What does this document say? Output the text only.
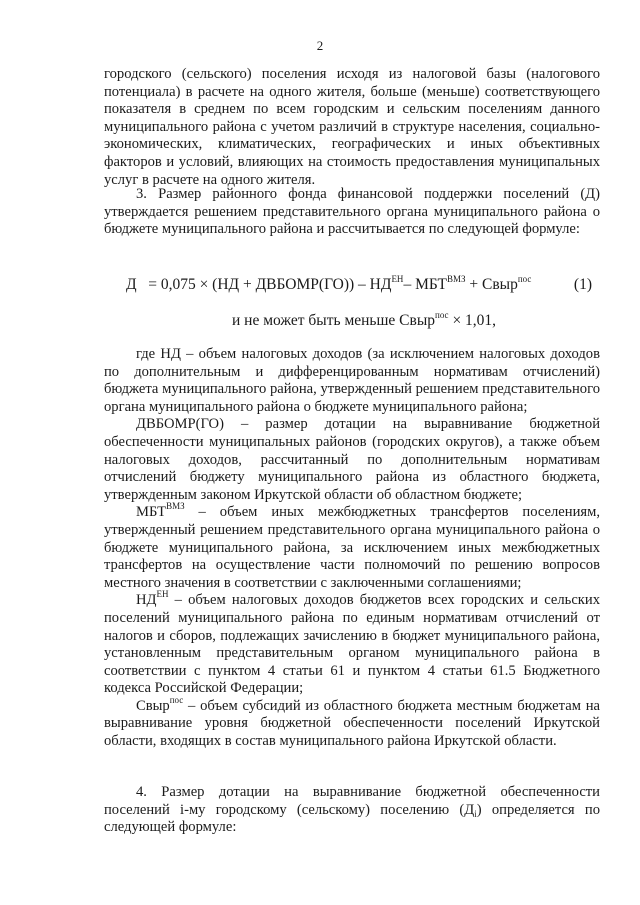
2

городского (сельского) поселения исходя из налоговой базы (налогового потенциала) в расчете на одного жителя, больше (меньше) соответствующего показателя в среднем по всем городским и сельским поселениям данного муниципального района с учетом различий в структуре населения, социально-экономических, климатических, географических и иных объективных факторов и условий, влияющих на стоимость предоставления муниципальных услуг в расчете на одного жителя.

3. Размер районного фонда финансовой поддержки поселений (Д) утверждается решением представительного органа муниципального района о бюджете муниципального района и рассчитывается по следующей формуле:

Д = 0,075 × (НД + ДВБОМР(ГО)) – $НД^{ЕН}-$ $МБТ^{ВМЗ}$ + Свыр$^{пос}$	(1)
и не может быть меньше Свыр$^{пос}$ × 1,01,

где НД – объем налоговых доходов (за исключением налоговых доходов по дополнительным и дифференцированным нормативам отчислений) бюджета муниципального района, утвержденный решением представительного органа муниципального района о бюджете муниципального района;

ДВБОМР(ГО) – размер дотации на выравнивание бюджетной обеспеченности муниципальных районов (городских округов), а также объем налоговых доходов, рассчитанный по дополнительным нормативам отчислений бюджету муниципального района из областного бюджета, утвержденным законом Иркутской области об областном бюджете;

$МБТ^{ВМЗ}$ – объем иных межбюджетных трансфертов поселениям, утвержденный решением представительного органа муниципального района о бюджете муниципального района, за исключением иных межбюджетных трансфертов на осуществление части полномочий по решению вопросов местного значения в соответствии с заключенными соглашениями;

$НД^{ЕН}$ – объем налоговых доходов бюджетов всех городских и сельских поселений муниципального района по единым нормативам отчислений от налогов и сборов, подлежащих зачислению в бюджет муниципального района, установленным представительным органом муниципального района в соответствии с пунктом 4 статьи 61 и пунктом 4 статьи 61.5 Бюджетного кодекса Российской Федерации;

Свыр$^{пос}$ – объем субсидий из областного бюджета местным бюджетам на выравнивание уровня бюджетной обеспеченности поселений Иркутской области, входящих в состав муниципального района Иркутской области.

4. Размер дотации на выравнивание бюджетной обеспеченности поселений i-му городскому (сельскому) поселению $(Д_i)$ определяется по следующей формуле:
